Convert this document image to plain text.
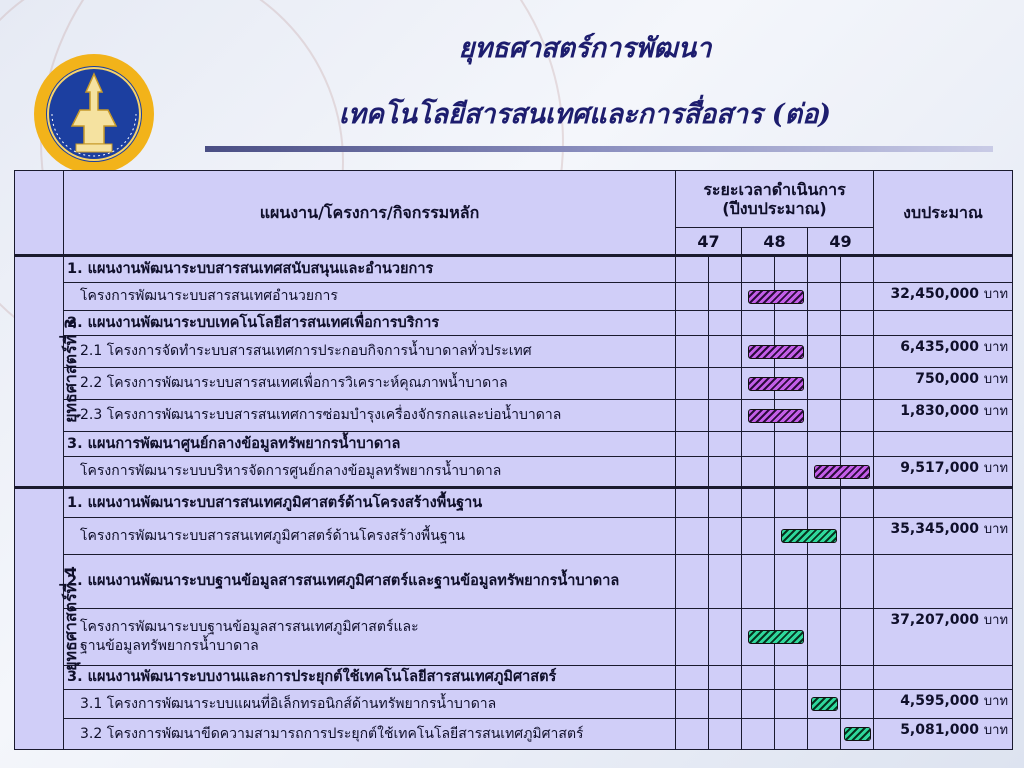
ยุทธศาสตร์การพัฒนา
เทคโนโลยีสารสนเทศและการสื่อสาร (ต่อ)
	แผนงาน/โครงการ/กิจกรรมหลัก	ระยะเวลาดำเนินการ (ปีงบประมาณ)						งบประมาณ
		47		48		49		
ยุทธศาสตร์ที่ 3	1. แผนงานพัฒนาระบบสารสนเทศสนับสนุนและอำนวยการ							
	โครงการพัฒนาระบบสารสนเทศอำนวยการ							32,450,000 บาท
	2. แผนงานพัฒนาระบบเทคโนโลยีสารสนเทศเพื่อการบริการ							
	2.1 โครงการจัดทำระบบสารสนเทศการประกอบกิจการน้ำบาดาลทั่วประเทศ							6,435,000 บาท
	2.2 โครงการพัฒนาระบบสารสนเทศเพื่อการวิเคราะห์คุณภาพน้ำบาดาล							750,000 บาท
	2.3 โครงการพัฒนาระบบสารสนเทศการซ่อมบำรุงเครื่องจักรกลและบ่อน้ำบาดาล							1,830,000 บาท
	3. แผนการพัฒนาศูนย์กลางข้อมูลทรัพยากรน้ำบาดาล							
	โครงการพัฒนาระบบบริหารจัดการศูนย์กลางข้อมูลทรัพยากรน้ำบาดาล							9,517,000 บาท
ยุทธศาสตร์ที่ 4	1. แผนงานพัฒนาระบบสารสนเทศภูมิศาสตร์ด้านโครงสร้างพื้นฐาน							
	โครงการพัฒนาระบบสารสนเทศภูมิศาสตร์ด้านโครงสร้างพื้นฐาน							35,345,000 บาท
	2. แผนงานพัฒนาระบบฐานข้อมูลสารสนเทศภูมิศาสตร์และฐานข้อมูลทรัพยากรน้ำบาดาล							
	โครงการพัฒนาระบบฐานข้อมูลสารสนเทศภูมิศาสตร์และฐานข้อมูลทรัพยากรน้ำบาดาล							37,207,000 บาท
	3. แผนงานพัฒนาระบบงานและการประยุกต์ใช้เทคโนโลยีสารสนเทศภูมิศาสตร์							
	3.1 โครงการพัฒนาระบบแผนที่อิเล็กทรอนิกส์ด้านทรัพยากรน้ำบาดาล							4,595,000 บาท
	3.2 โครงการพัฒนาขีดความสามารถการประยุกต์ใช้เทคโนโลยีสารสนเทศภูมิศาสตร์							5,081,000 บาท
